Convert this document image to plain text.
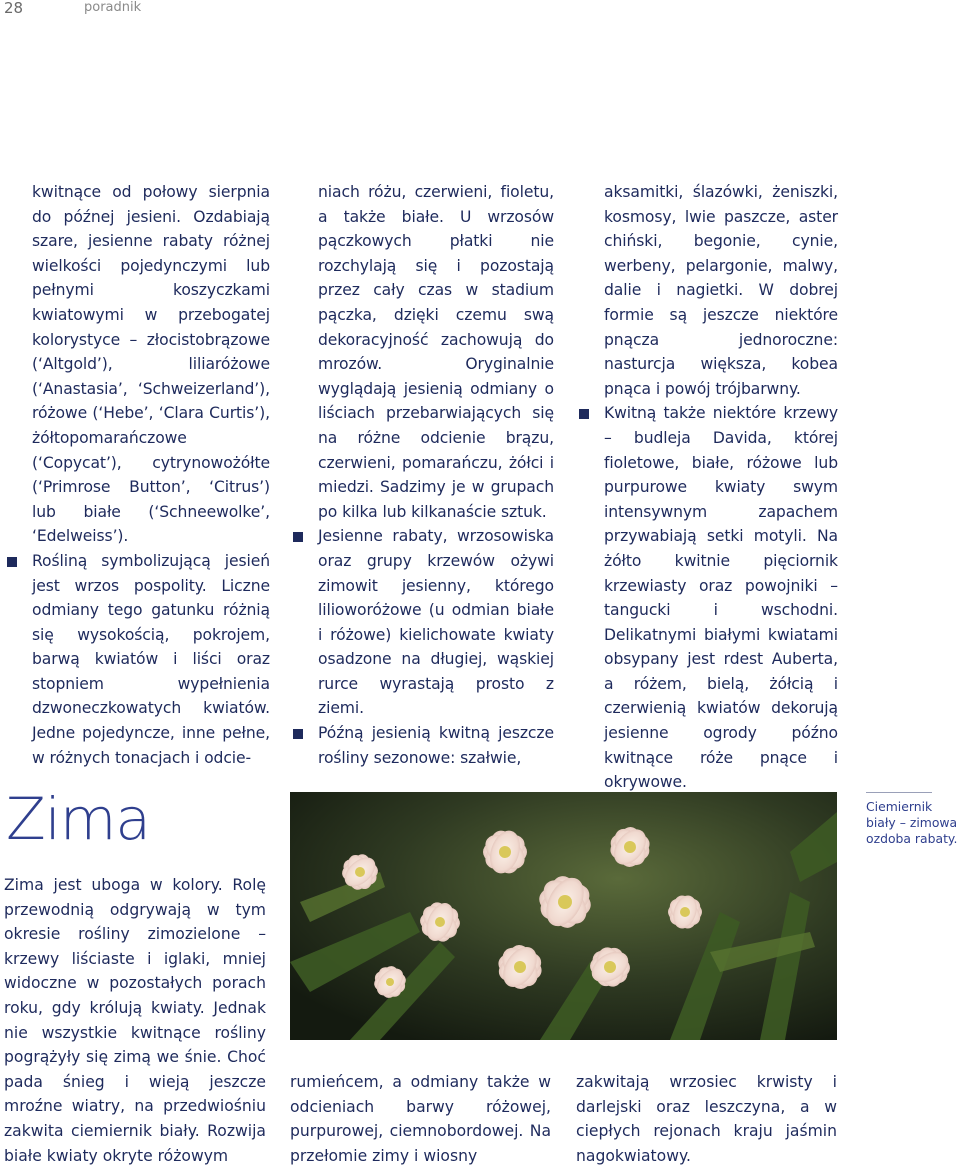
28	poradnik

kwitnące od połowy sierpnia do późnej jesieni. Ozdabiają szare, jesienne rabaty różnej wielkości pojedynczymi lub pełnymi koszyczkami kwiatowymi w przebogatej kolorystyce – złocistobrązowe (‘Altgold’), liliaróżowe (‘Anastasia’, ‘Schweizerland’), różowe (‘Hebe’, ‘Clara Curtis’), żółtopomarańczowe (‘Copycat’), cytrynowożółte (‘Primrose Button’, ‘Citrus’) lub białe (‘Schneewolke’, ‘Edelweiss’).

Rośliną symbolizującą jesień jest wrzos pospolity. Liczne odmiany tego gatunku różnią się wysokością, pokrojem, barwą kwiatów i liści oraz stopniem wypełnienia dzwoneczkowatych kwiatów. Jedne pojedyncze, inne pełne, w różnych tonacjach i odcie-

niach różu, czerwieni, fioletu, a także białe. U wrzosów pączkowych płatki nie rozchylają się i pozostają przez cały czas w stadium pączka, dzięki czemu swą dekoracyjność zachowują do mrozów. Oryginalnie wyglądają jesienią odmiany o liściach przebarwiających się na różne odcienie brązu, czerwieni, pomarańczu, żółci i miedzi. Sadzimy je w grupach po kilka lub kilkanaście sztuk.

Jesienne rabaty, wrzosowiska oraz grupy krzewów ożywi zimowit jesienny, którego lilioworóżowe (u odmian białe i różowe) kielichowate kwiaty osadzone na długiej, wąskiej rurce wyrastają prosto z ziemi.

Późną jesienią kwitną jeszcze rośliny sezonowe: szałwie,

aksamitki, ślazówki, żeniszki, kosmosy, lwie paszcze, aster chiński, begonie, cynie, werbeny, pelargonie, malwy, dalie i nagietki. W dobrej formie są jeszcze niektóre pnącza jednoroczne: nasturcja większa, kobea pnąca i powój trójbarwny.

Kwitną także niektóre krzewy – budleja Davida, której fioletowe, białe, różowe lub purpurowe kwiaty swym intensywnym zapachem przywabiają setki motyli. Na żółto kwitnie pięciornik krzewiasty oraz powojniki – tangucki i wschodni. Delikatnymi białymi kwiatami obsypany jest rdest Auberta, a różem, bielą, żółcią i czerwienią kwiatów dekorują jesienne ogrody późno kwitnące róże pnące i okrywowe.

Zima	Ciemiernik biały – zimowa ozdoba rabaty.
Zima jest uboga w kolory. Rolę przewodnią odgrywają w tym okresie rośliny zimozielone – krzewy liściaste i iglaki, mniej widoczne w pozostałych porach roku, gdy królują kwiaty. Jednak nie wszystkie kwitnące rośliny pogrążyły się zimą we śnie. Choć pada śnieg i wieją jeszcze mroźne wiatry, na przedwiośniu zakwita ciemiernik biały. Rozwija białe kwiaty okryte różowym
rumieńcem, a odmiany także w odcieniach barwy różowej, purpurowej, ciemnobordowej. Na przełomie zimy i wiosny
zakwitają wrzosiec krwisty i darlejski oraz leszczyna, a w ciepłych rejonach kraju jaśmin nagokwiatowy.
